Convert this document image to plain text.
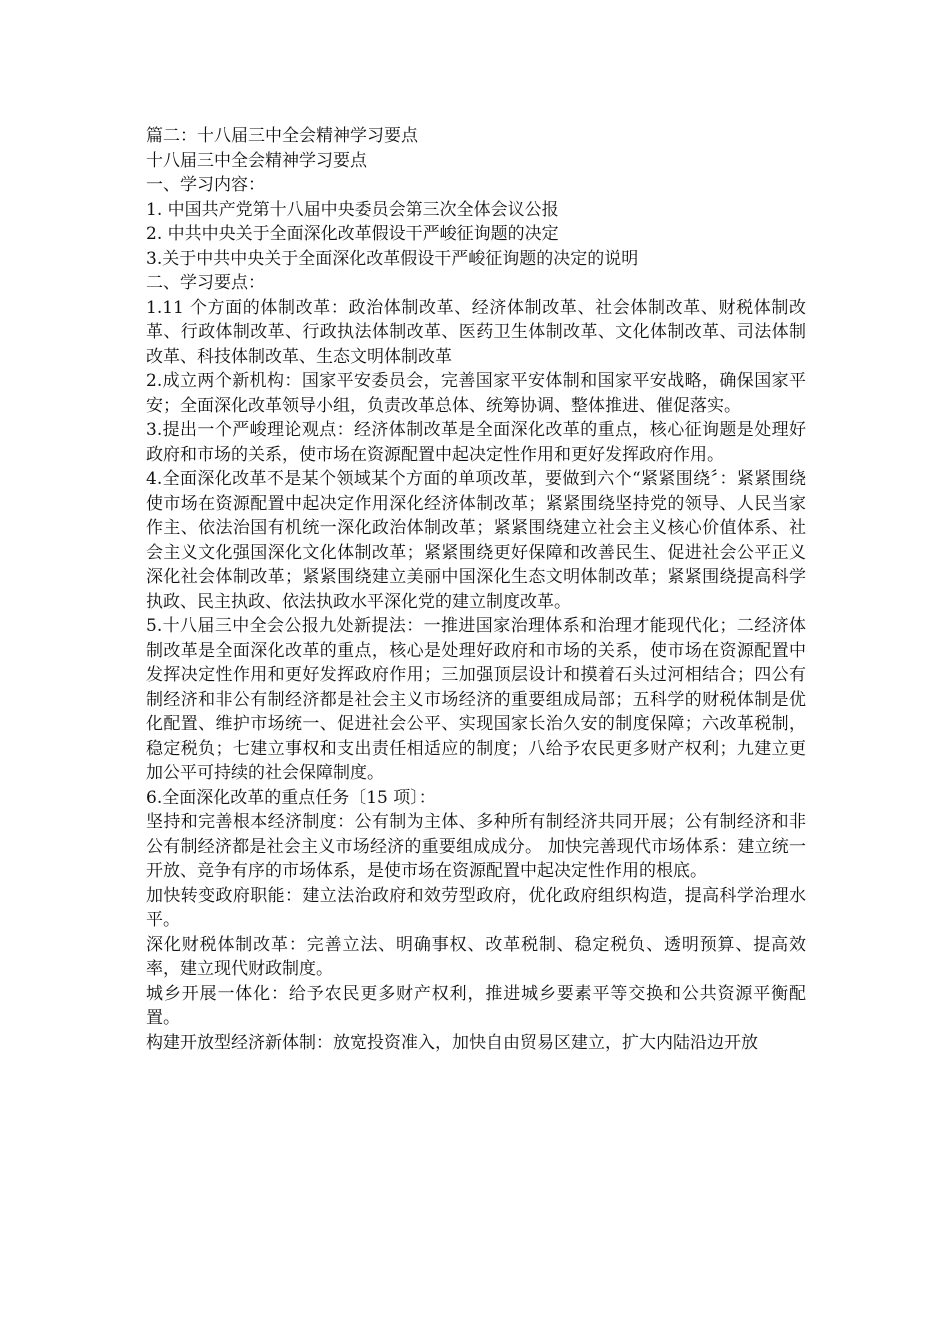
篇二：十八届三中全会精神学习要点

十八届三中全会精神学习要点

一、学习内容：

1. 中国共产党第十八届中央委员会第三次全体会议公报

2. 中共中央关于全面深化改革假设干严峻征询题的决定

3.关于中共中央关于全面深化改革假设干严峻征询题的决定的说明

二、学习要点：

1.11 个方面的体制改革：政治体制改革、经济体制改革、社会体制改革、财税体制改革、行政体制改革、行政执法体制改革、医药卫生体制改革、文化体制改革、司法体制改革、科技体制改革、生态文明体制改革

2.成立两个新机构：国家平安委员会，完善国家平安体制和国家平安战略，确保国家平安；全面深化改革领导小组，负责改革总体、统筹协调、整体推进、催促落实。

3.提出一个严峻理论观点：经济体制改革是全面深化改革的重点，核心征询题是处理好政府和市场的关系，使市场在资源配置中起决定性作用和更好发挥政府作用。

4.全面深化改革不是某个领域某个方面的单项改革，要做到六个“紧紧围绕〞：紧紧围绕使市场在资源配置中起决定作用深化经济体制改革；紧紧围绕坚持党的领导、人民当家作主、依法治国有机统一深化政治体制改革；紧紧围绕建立社会主义核心价值体系、社会主义文化强国深化文化体制改革；紧紧围绕更好保障和改善民生、促进社会公平正义深化社会体制改革；紧紧围绕建立美丽中国深化生态文明体制改革；紧紧围绕提高科学执政、民主执政、依法执政水平深化党的建立制度改革。

5.十八届三中全会公报九处新提法：一推进国家治理体系和治理才能现代化；二经济体制改革是全面深化改革的重点，核心是处理好政府和市场的关系，使市场在资源配置中发挥决定性作用和更好发挥政府作用；三加强顶层设计和摸着石头过河相结合；四公有制经济和非公有制经济都是社会主义市场经济的重要组成局部；五科学的财税体制是优化配置、维护市场统一、促进社会公平、实现国家长治久安的制度保障；六改革税制，稳定税负；七建立事权和支出责任相适应的制度；八给予农民更多财产权利；九建立更加公平可持续的社会保障制度。

6.全面深化改革的重点任务〔15 项〕：

坚持和完善根本经济制度：公有制为主体、多种所有制经济共同开展；公有制经济和非公有制经济都是社会主义市场经济的重要组成成分。 加快完善现代市场体系：建立统一开放、竞争有序的市场体系，是使市场在资源配置中起决定性作用的根底。

加快转变政府职能：建立法治政府和效劳型政府，优化政府组织构造，提高科学治理水平。

深化财税体制改革：完善立法、明确事权、改革税制、稳定税负、透明预算、提高效率，建立现代财政制度。

城乡开展一体化：给予农民更多财产权利，推进城乡要素平等交换和公共资源平衡配置。

构建开放型经济新体制：放宽投资准入，加快自由贸易区建立，扩大内陆沿边开放
